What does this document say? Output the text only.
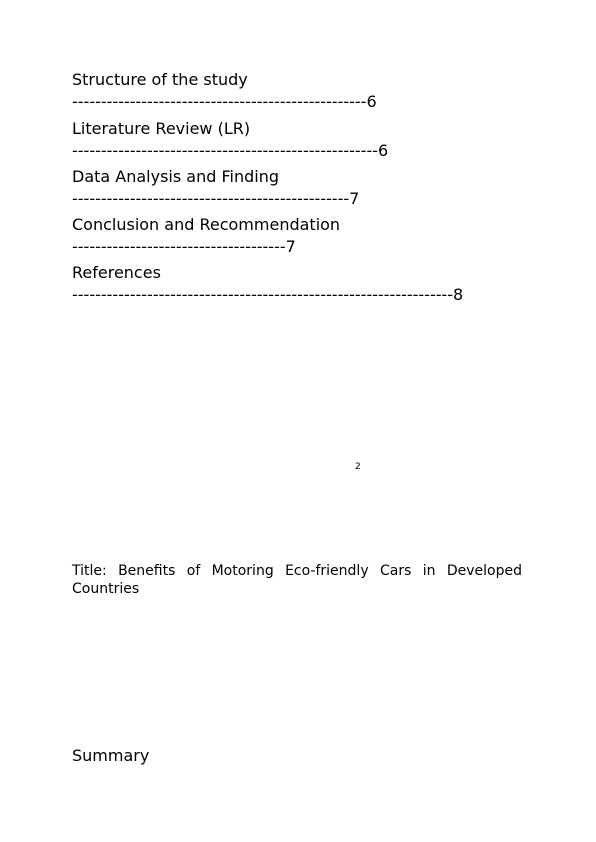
Structure of the study
---------------------------------------------------6
Literature Review (LR)
-----------------------------------------------------6
Data Analysis and Finding
------------------------------------------------7
Conclusion and Recommendation
-------------------------------------7
References
------------------------------------------------------------------8
2
Title: Benefits of Motoring Eco-friendly Cars in Developed Countries
Summary
